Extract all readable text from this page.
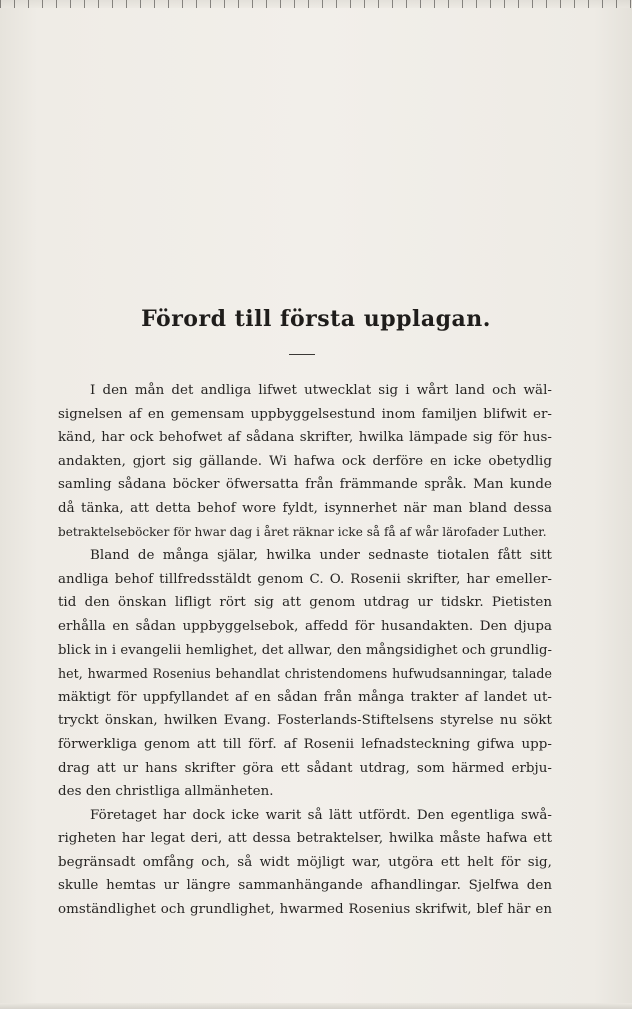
Förord till första upplagan.
I den mån det andliga lifwet utwecklat sig i wårt land och wäl-
signelsen af en gemensam uppbyggelsestund inom familjen blifwit er-
känd, har ock behofwet af sådana skrifter, hwilka lämpade sig för hus-
andakten, gjort sig gällande. Wi hafwa ock derföre en icke obetydlig
samling sådana böcker öfwersatta från främmande språk. Man kunde
då tänka, att detta behof wore fyldt, isynnerhet när man bland dessa
betraktelseböcker för hwar dag i året räknar icke så få af wår lärofader Luther.
Bland de många själar, hwilka under sednaste tiotalen fått sitt
andliga behof tillfredsstäldt genom C. O. Rosenii skrifter, har emeller-
tid den önskan lifligt rört sig att genom utdrag ur tidskr. Pietisten
erhålla en sådan uppbyggelsebok, affedd för husandakten. Den djupa
blick in i evangelii hemlighet, det allwar, den mångsidighet och grundlig-
het, hwarmed Rosenius behandlat christendomens hufwudsanningar, talade
mäktigt för uppfyllandet af en sådan från många trakter af landet ut-
tryckt önskan, hwilken Evang. Fosterlands-Stiftelsens styrelse nu sökt
förwerkliga genom att till förf. af Rosenii lefnadsteckning gifwa upp-
drag att ur hans skrifter göra ett sådant utdrag, som härmed erbju-
des den christliga allmänheten.
Företaget har dock icke warit så lätt utfördt. Den egentliga swå-
righeten har legat deri, att dessa betraktelser, hwilka måste hafwa ett
begränsadt omfång och, så widt möjligt war, utgöra ett helt för sig,
skulle hemtas ur längre sammanhängande afhandlingar. Sjelfwa den
omständlighet och grundlighet, hwarmed Rosenius skrifwit, blef här en
